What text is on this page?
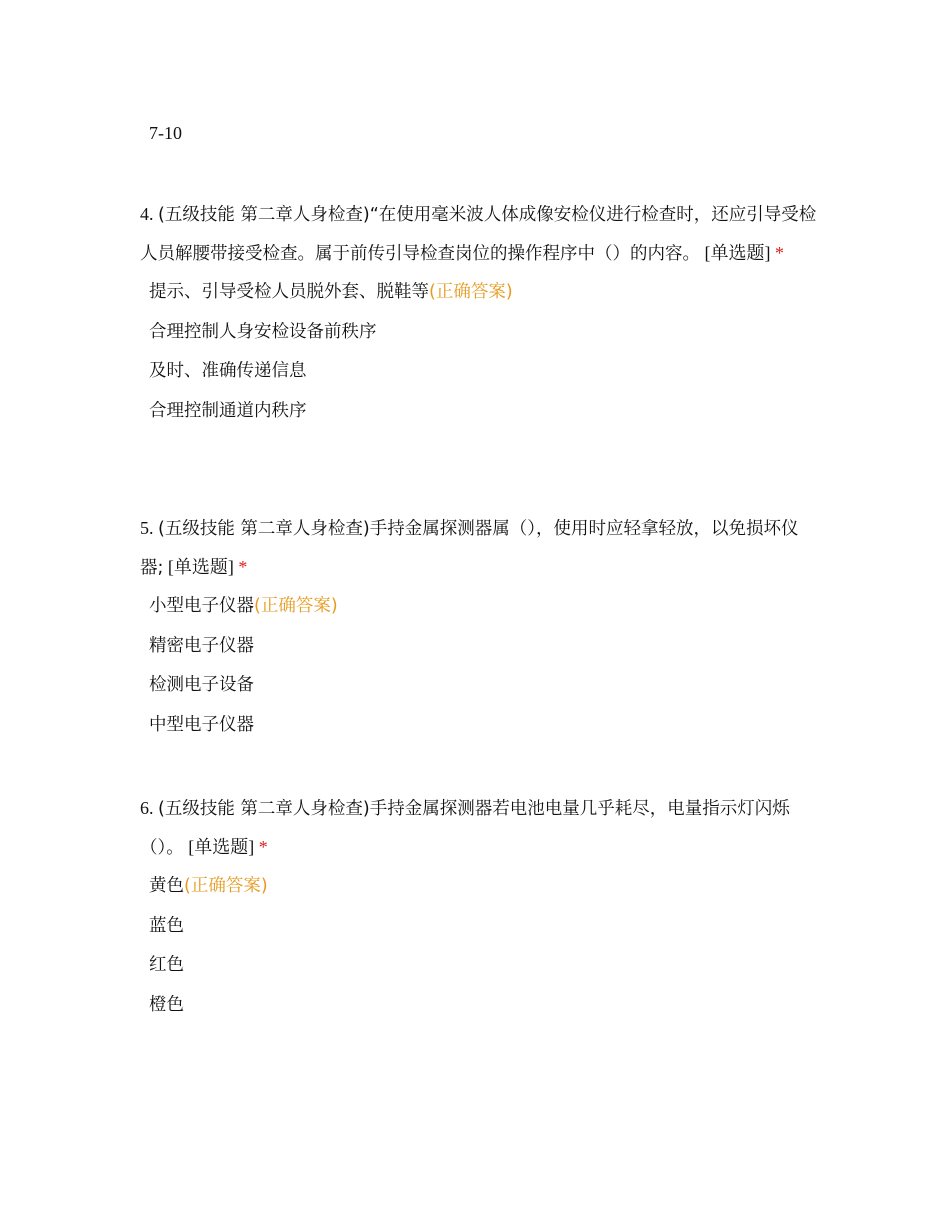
7-10

4. (五级技能 第二章人身检查)“在使用毫米波人体成像安检仪进行检查时，还应引导受检人员解腰带接受检查。属于前传引导检查岗位的操作程序中（）的内容。 [单选题] *

提示、引导受检人员脱外套、脱鞋等(正确答案)
合理控制人身安检设备前秩序
及时、准确传递信息
合理控制通道内秩序

5. (五级技能 第二章人身检查)手持金属探测器属（），使用时应轻拿轻放，以免损坏仪器; [单选题] *

小型电子仪器(正确答案)
精密电子仪器
检测电子设备
中型电子仪器

6. (五级技能 第二章人身检查)手持金属探测器若电池电量几乎耗尽，电量指示灯闪烁（）。 [单选题] *

黄色(正确答案)
蓝色
红色
橙色
